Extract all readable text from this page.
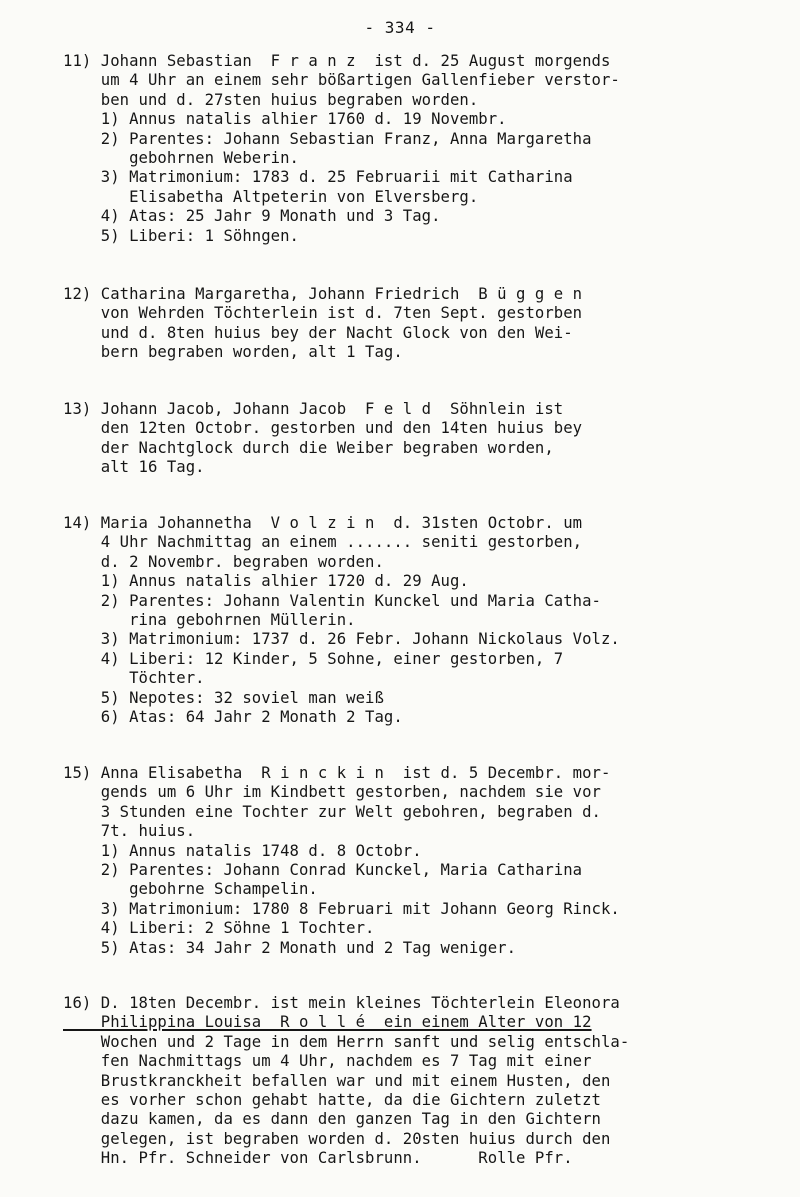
- 334 -
11) Johann Sebastian  F r a n z  ist d. 25 August morgends
um 4 Uhr an einem sehr bößartigen Gallenfieber verstor-
ben und d. 27sten huius begraben worden.
1) Annus natalis alhier 1760 d. 19 Novembr.
2) Parentes: Johann Sebastian Franz, Anna Margaretha
gebohrnen Weberin.
3) Matrimonium: 1783 d. 25 Februarii mit Catharina
Elisabetha Altpeterin von Elversberg.
4) Atas: 25 Jahr 9 Monath und 3 Tag.
5) Liberi: 1 Söhngen.
12) Catharina Margaretha, Johann Friedrich  B ü g g e n
von Wehrden Töchterlein ist d. 7ten Sept. gestorben
und d. 8ten huius bey der Nacht Glock von den Wei-
bern begraben worden, alt 1 Tag.
13) Johann Jacob, Johann Jacob  F e l d  Söhnlein ist
den 12ten Octobr. gestorben und den 14ten huius bey
der Nachtglock durch die Weiber begraben worden,
alt 16 Tag.
14) Maria Johannetha  V o l z i n  d. 31sten Octobr. um
4 Uhr Nachmittag an einem ....... seniti gestorben,
d. 2 Novembr. begraben worden.
1) Annus natalis alhier 1720 d. 29 Aug.
2) Parentes: Johann Valentin Kunckel und Maria Catha-
rina gebohrnen Müllerin.
3) Matrimonium: 1737 d. 26 Febr. Johann Nickolaus Volz.
4) Liberi: 12 Kinder, 5 Sohne, einer gestorben, 7
Töchter.
5) Nepotes: 32 soviel man weiß
6) Atas: 64 Jahr 2 Monath 2 Tag.
15) Anna Elisabetha  R i n c k i n  ist d. 5 Decembr. mor-
gends um 6 Uhr im Kindbett gestorben, nachdem sie vor
3 Stunden eine Tochter zur Welt gebohren, begraben d.
7t. huius.
1) Annus natalis 1748 d. 8 Octobr.
2) Parentes: Johann Conrad Kunckel, Maria Catharina
gebohrne Schampelin.
3) Matrimonium: 1780 8 Februari mit Johann Georg Rinck.
4) Liberi: 2 Söhne 1 Tochter.
5) Atas: 34 Jahr 2 Monath und 2 Tag weniger.
16) D. 18ten Decembr. ist mein kleines Töchterlein Eleonora
Philippina Louisa  R o l l é  ein einem Alter von 12
Wochen und 2 Tage in dem Herrn sanft und selig entschla-
fen Nachmittags um 4 Uhr, nachdem es 7 Tag mit einer
Brustkranckheit befallen war und mit einem Husten, den
es vorher schon gehabt hatte, da die Gichtern zuletzt
dazu kamen, da es dann den ganzen Tag in den Gichtern
gelegen, ist begraben worden d. 20sten huius durch den
Hn. Pfr. Schneider von Carlsbrunn.      Rolle Pfr.
